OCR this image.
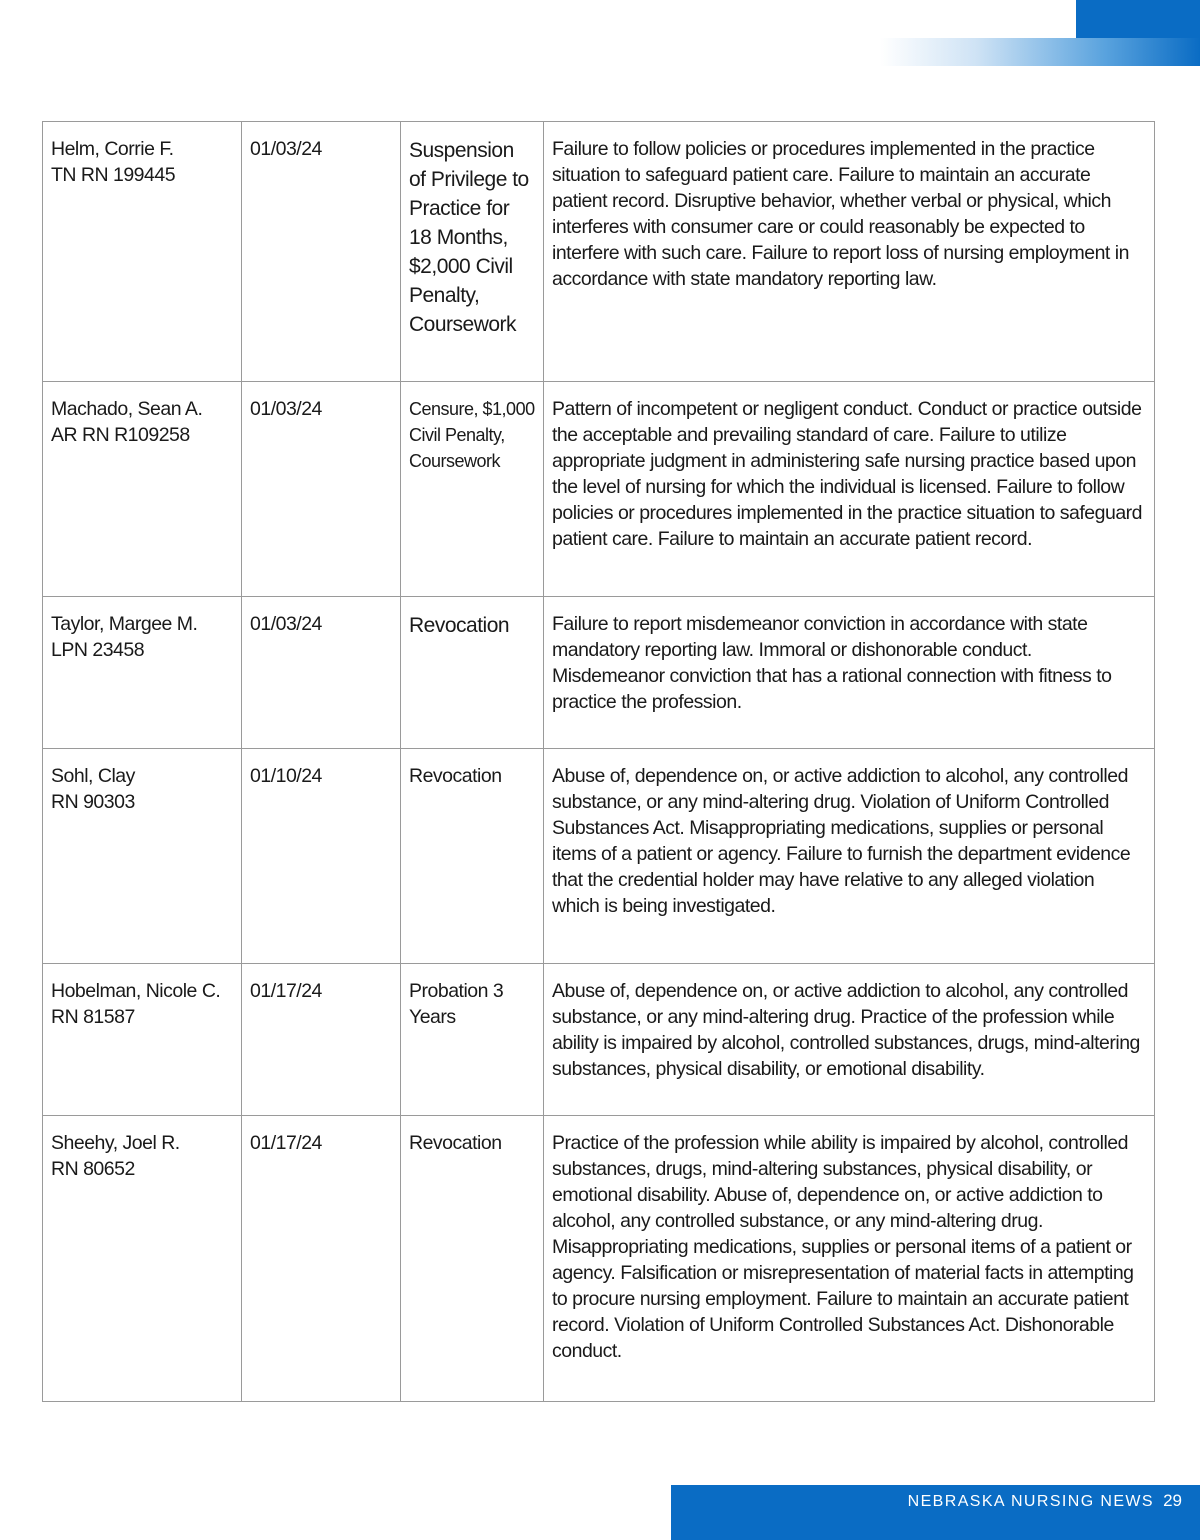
Helm, Corrie F.
TN RN 199445	01/03/24	Suspension of Privilege to Practice for 18 Months, $2,000 Civil Penalty, Coursework	Failure to follow policies or procedures implemented in the practice situation to safeguard patient care. Failure to maintain an accurate patient record. Disruptive behavior, whether verbal or physical, which interferes with consumer care or could reasonably be expected to interfere with such care. Failure to report loss of nursing employment in accordance with state mandatory reporting law.

Machado, Sean A.
AR RN R109258	01/03/24	Censure, $1,000 Civil Penalty, Coursework	Pattern of incompetent or negligent conduct. Conduct or practice outside the acceptable and prevailing standard of care. Failure to utilize appropriate judgment in administering safe nursing practice based upon the level of nursing for which the individual is licensed. Failure to follow policies or procedures implemented in the practice situation to safeguard patient care. Failure to maintain an accurate patient record.

Taylor, Margee M.
LPN 23458	01/03/24	Revocation	Failure to report misdemeanor conviction in accordance with state mandatory reporting law. Immoral or dishonorable conduct. Misdemeanor conviction that has a rational connection with fitness to practice the profession.

Sohl, Clay
RN 90303	01/10/24	Revocation	Abuse of, dependence on, or active addiction to alcohol, any controlled substance, or any mind-altering drug. Violation of Uniform Controlled Substances Act. Misappropriating medications, supplies or personal items of a patient or agency. Failure to furnish the department evidence that the credential holder may have relative to any alleged violation which is being investigated.

Hobelman, Nicole C.
RN 81587	01/17/24	Probation 3 Years	Abuse of, dependence on, or active addiction to alcohol, any controlled substance, or any mind-altering drug. Practice of the profession while ability is impaired by alcohol, controlled substances, drugs, mind-altering substances, physical disability, or emotional disability.

Sheehy, Joel R.
RN 80652	01/17/24	Revocation	Practice of the profession while ability is impaired by alcohol, controlled substances, drugs, mind-altering substances, physical disability, or emotional disability. Abuse of, dependence on, or active addiction to alcohol, any controlled substance, or any mind-altering drug. Misappropriating medications, supplies or personal items of a patient or agency. Falsification or misrepresentation of material facts in attempting to procure nursing employment. Failure to maintain an accurate patient record. Violation of Uniform Controlled Substances Act. Dishonorable conduct.
NEBRASKA NURSING NEWS 29
